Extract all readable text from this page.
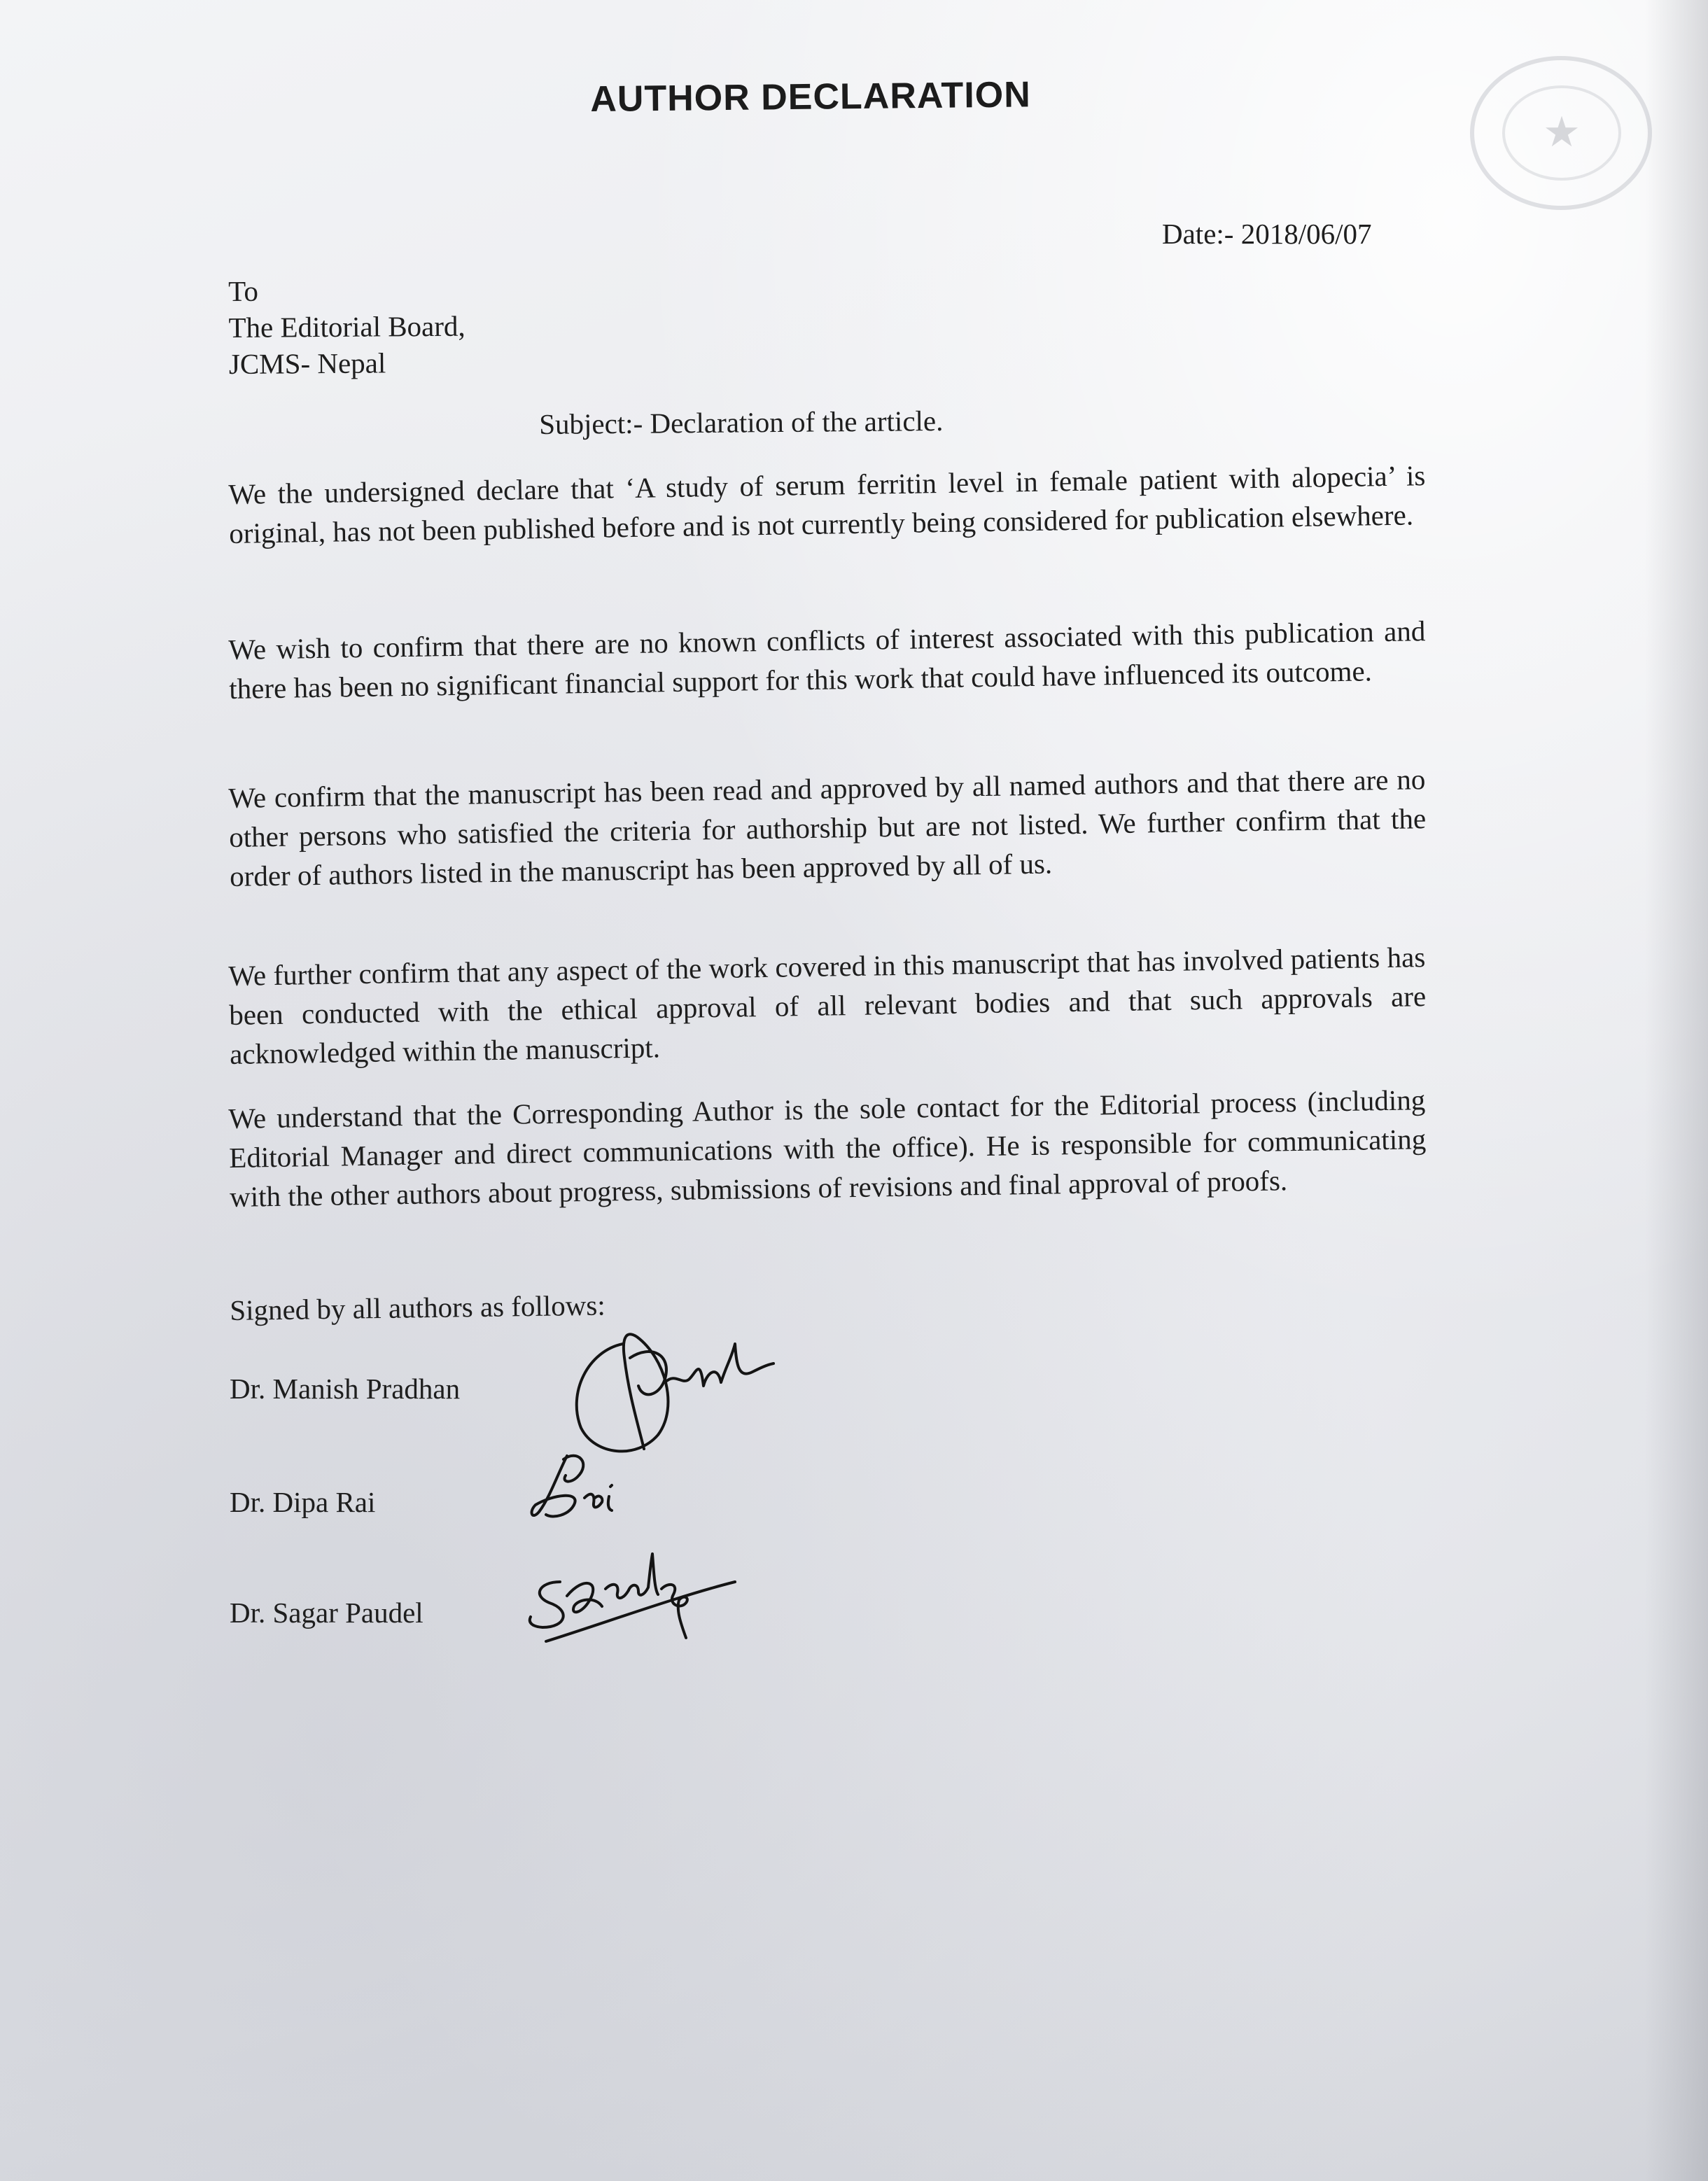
★
AUTHOR DECLARATION
Date:- 2018/06/07
To
The Editorial Board,
JCMS- Nepal
Subject:- Declaration of the article.

We the undersigned declare that ‘A study of serum ferritin level in female patient with alopecia’ is original, has not been published before and is not currently being considered for publication elsewhere.

We wish to confirm that there are no known conflicts of interest associated with this publication and there has been no significant financial support for this work that could have influenced its outcome.

We confirm that the manuscript has been read and approved by all named authors and that there are no other persons who satisfied the criteria for authorship but are not listed. We further confirm that the order of authors listed in the manuscript has been approved by all of us.

We further confirm that any aspect of the work covered in this manuscript that has involved patients has been conducted with the ethical approval of all relevant bodies and that such approvals are acknowledged within the manuscript.

We understand that the Corresponding Author is the sole contact for the Editorial process (including Editorial Manager and direct communications with the office). He is responsible for communicating with the other authors about progress, submissions of revisions and final approval of proofs.

Signed by all authors as follows:
Dr. Manish Pradhan
Dr. Dipa Rai
Dr. Sagar Paudel
